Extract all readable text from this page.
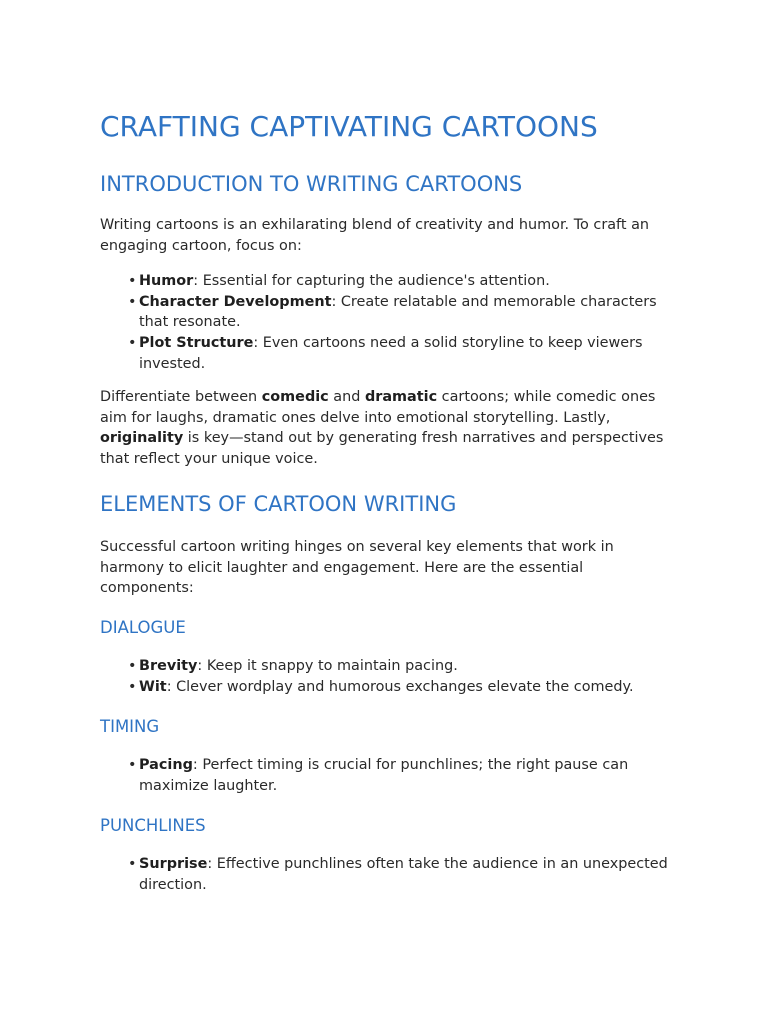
CRAFTING CAPTIVATING CARTOONS
INTRODUCTION TO WRITING CARTOONS

Writing cartoons is an exhilarating blend of creativity and humor. To craft an engaging cartoon, focus on:

• Humor: Essential for capturing the audience's attention.
• Character Development: Create relatable and memorable characters that resonate.
• Plot Structure: Even cartoons need a solid storyline to keep viewers invested.

Differentiate between comedic and dramatic cartoons; while comedic ones aim for laughs, dramatic ones delve into emotional storytelling. Lastly, originality is key—stand out by generating fresh narratives and perspectives that reflect your unique voice.

ELEMENTS OF CARTOON WRITING

Successful cartoon writing hinges on several key elements that work in harmony to elicit laughter and engagement. Here are the essential components:

DIALOGUE
• Brevity: Keep it snappy to maintain pacing.
• Wit: Clever wordplay and humorous exchanges elevate the comedy.
TIMING
• Pacing: Perfect timing is crucial for punchlines; the right pause can maximize laughter.
PUNCHLINES
• Surprise: Effective punchlines often take the audience in an unexpected direction.
